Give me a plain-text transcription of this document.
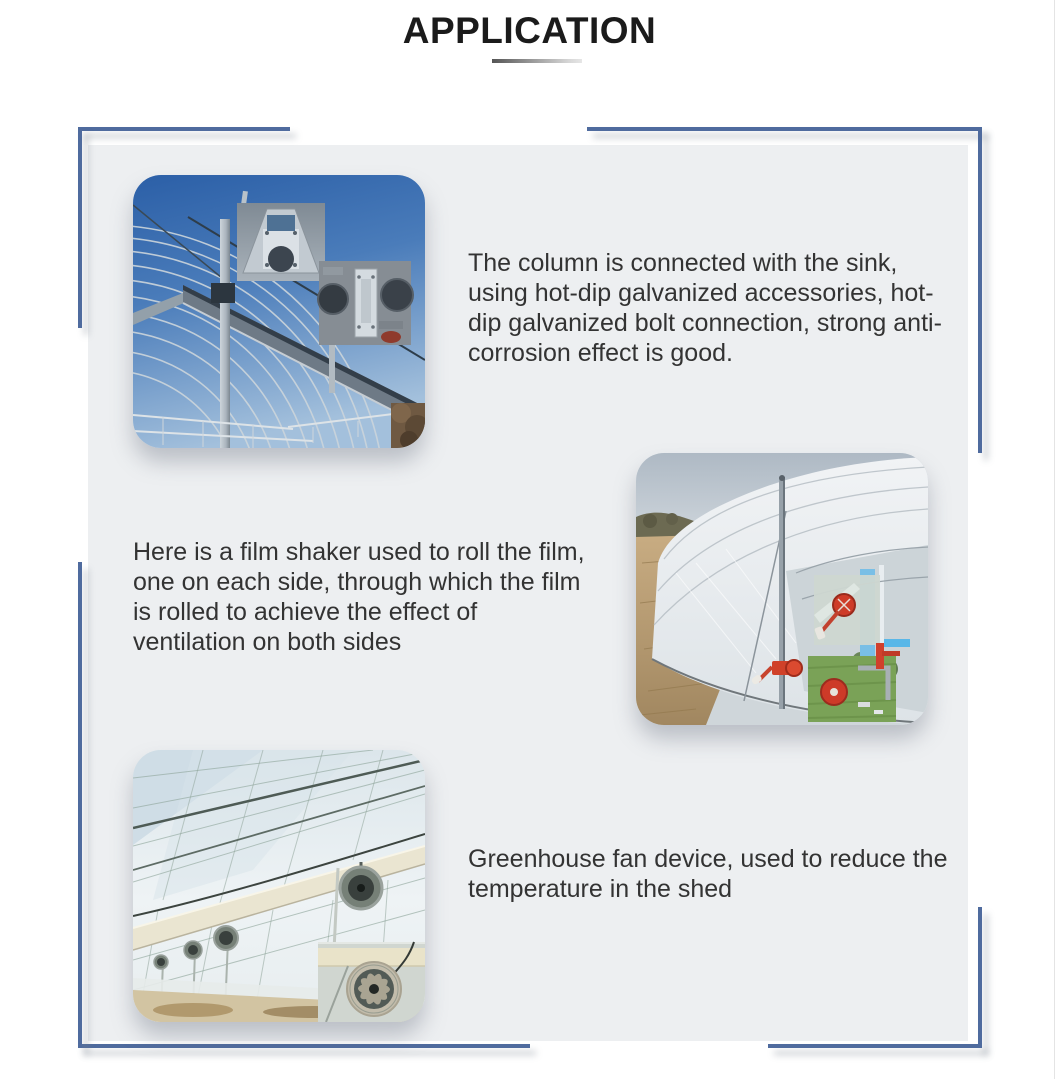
APPLICATION

The column is connected with the sink, using hot-dip galvanized accessories, hot-dip galvanized bolt connection, strong anti-corrosion effect is good.

Here is a film shaker used to roll the film, one on each side, through which the film is rolled to achieve the effect of ventilation on both sides

Greenhouse fan device, used to reduce the temperature in the shed
